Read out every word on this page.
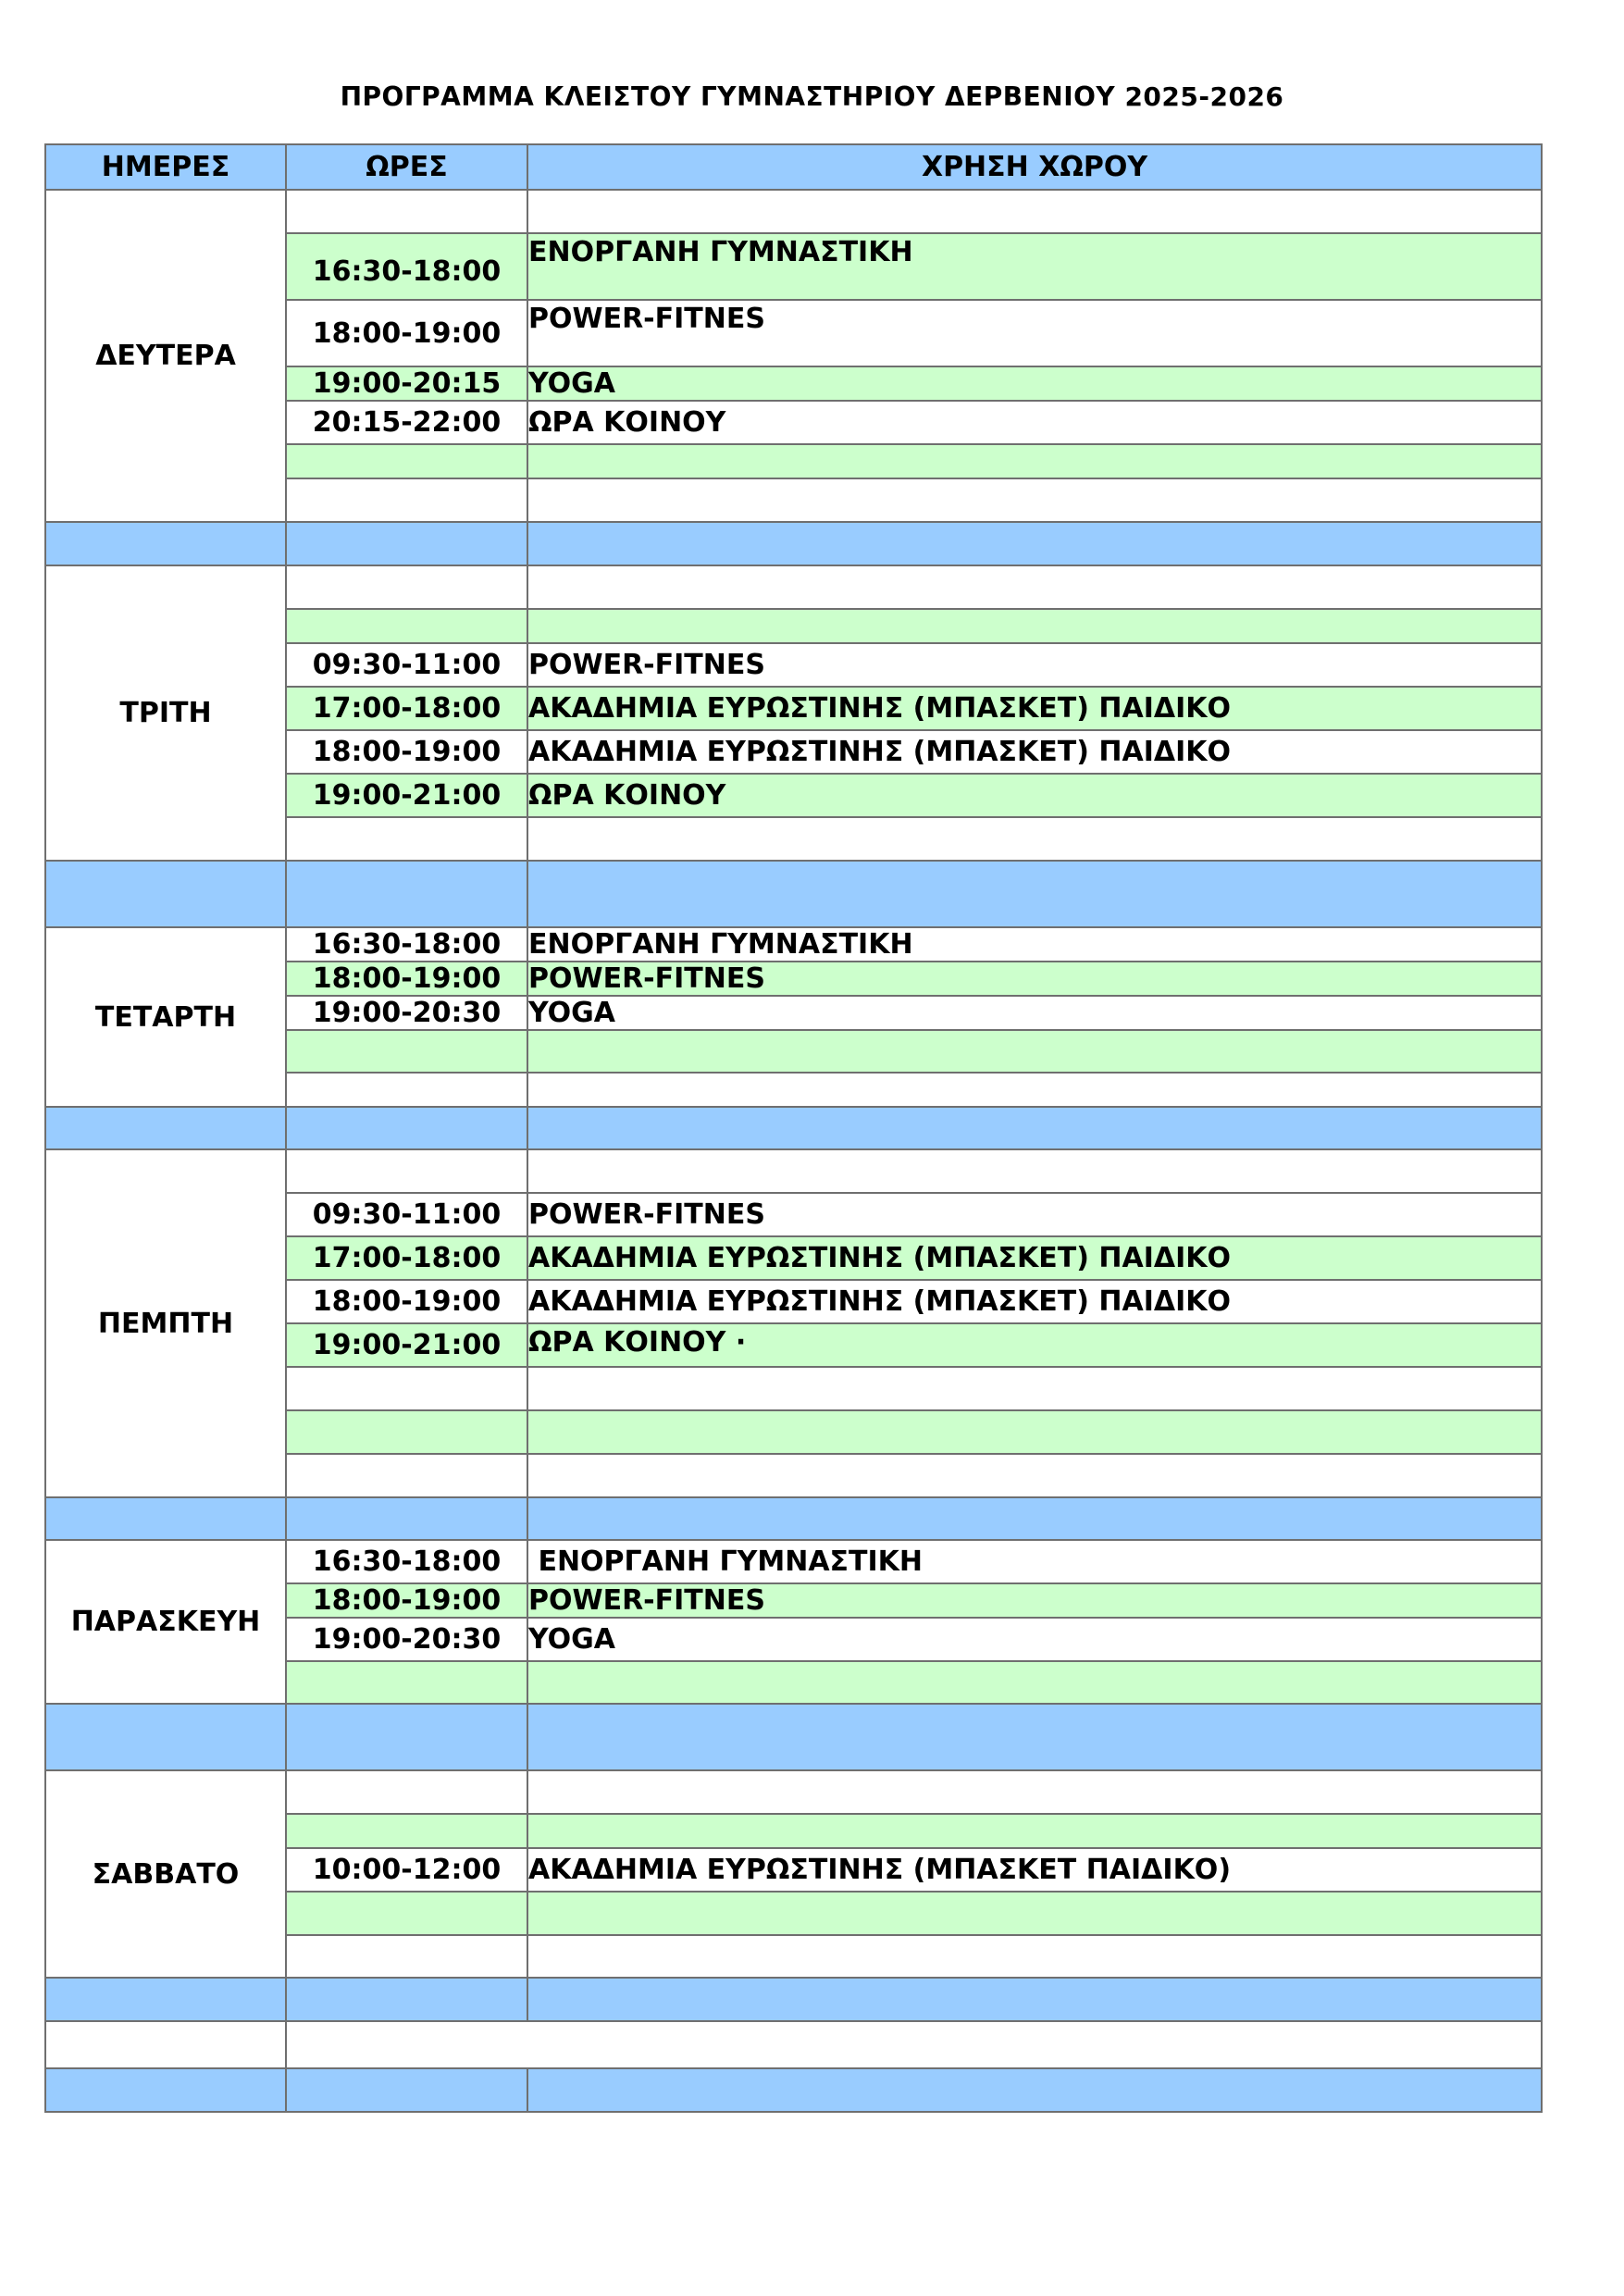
ΠΡΟΓΡΑΜΜΑ ΚΛΕΙΣΤΟΥ ΓΥΜΝΑΣΤΗΡΙΟΥ ΔΕΡΒΕΝΙΟΥ 2025-2026
ΗΜΕΡΕΣ	ΩΡΕΣ	ΧΡΗΣΗ ΧΩΡΟΥ
ΔΕΥΤΕΡΑ		
	16:30-18:00	ΕΝΟΡΓΑΝΗ ΓΥΜΝΑΣΤΙΚΗ
	18:00-19:00	POWER-FITNES
	19:00-20:15	YOGA
	20:15-22:00	ΩΡΑ ΚΟΙΝΟΥ

ΤΡΙΤΗ		

	09:30-11:00	POWER-FITNES
	17:00-18:00	ΑΚΑΔΗΜΙΑ ΕΥΡΩΣΤΙΝΗΣ (ΜΠΑΣΚΕΤ) ΠΑΙΔΙΚΟ
	18:00-19:00	ΑΚΑΔΗΜΙΑ ΕΥΡΩΣΤΙΝΗΣ (ΜΠΑΣΚΕΤ) ΠΑΙΔΙΚΟ
	19:00-21:00	ΩΡΑ ΚΟΙΝΟΥ

ΤΕΤΑΡΤΗ	16:30-18:00	ΕΝΟΡΓΑΝΗ ΓΥΜΝΑΣΤΙΚΗ
	18:00-19:00	POWER-FITNES
	19:00-20:30	YOGA

ΠΕΜΠΤΗ		
	09:30-11:00	POWER-FITNES
	17:00-18:00	ΑΚΑΔΗΜΙΑ ΕΥΡΩΣΤΙΝΗΣ (ΜΠΑΣΚΕΤ) ΠΑΙΔΙΚΟ
	18:00-19:00	ΑΚΑΔΗΜΙΑ ΕΥΡΩΣΤΙΝΗΣ (ΜΠΑΣΚΕΤ) ΠΑΙΔΙΚΟ
	19:00-21:00	ΩΡΑ ΚΟΙΝΟΥ ·

ΠΑΡΑΣΚΕΥΗ	16:30-18:00	ΕΝΟΡΓΑΝΗ ΓΥΜΝΑΣΤΙΚΗ
	18:00-19:00	POWER-FITNES
	19:00-20:30	YOGA

ΣΑΒΒΑΤΟ		

	10:00-12:00	ΑΚΑΔΗΜΙΑ ΕΥΡΩΣΤΙΝΗΣ (ΜΠΑΣΚΕΤ ΠΑΙΔΙΚΟ)
